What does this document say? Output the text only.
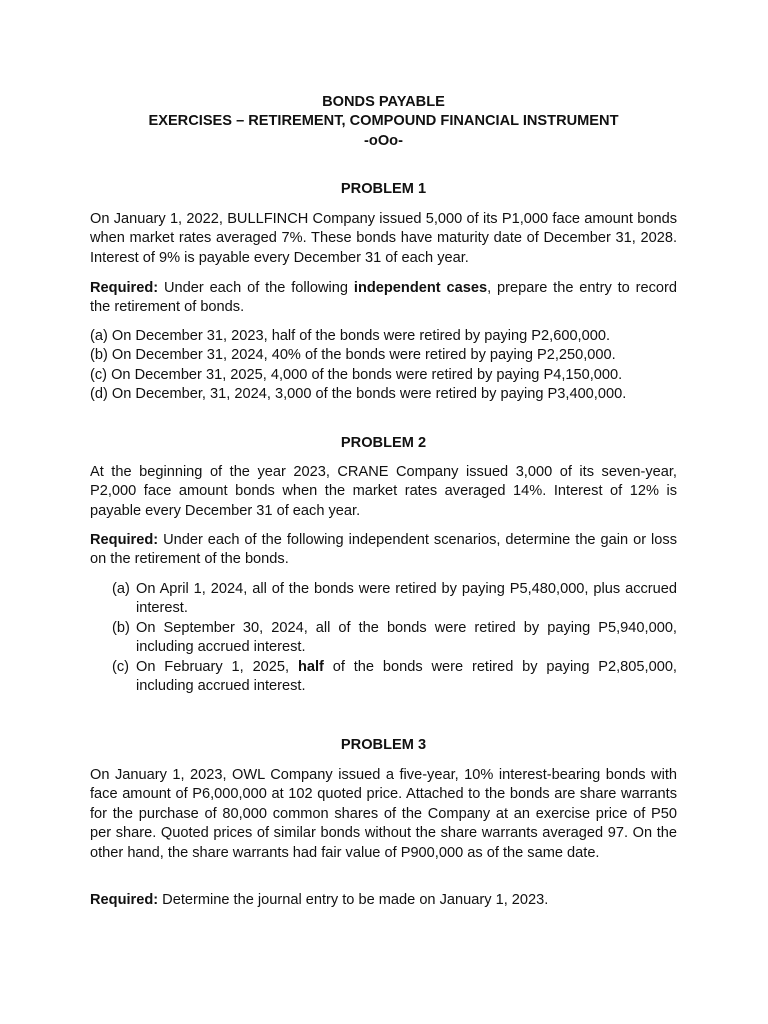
BONDS PAYABLE
EXERCISES – RETIREMENT, COMPOUND FINANCIAL INSTRUMENT
-oOo-
PROBLEM 1

On January 1, 2022, BULLFINCH Company issued 5,000 of its P1,000 face amount bonds when market rates averaged 7%. These bonds have maturity date of December 31, 2028. Interest of 9% is payable every December 31 of each year.

Required: Under each of the following independent cases, prepare the entry to record the retirement of bonds.

(a) On December 31, 2023, half of the bonds were retired by paying P2,600,000.
(b) On December 31, 2024, 40% of the bonds were retired by paying P2,250,000.
(c) On December 31, 2025, 4,000 of the bonds were retired by paying P4,150,000.
(d) On December, 31, 2024, 3,000 of the bonds were retired by paying P3,400,000.
PROBLEM 2

At the beginning of the year 2023, CRANE Company issued 3,000 of its seven-year, P2,000 face amount bonds when the market rates averaged 14%. Interest of 12% is payable every December 31 of each year.

Required: Under each of the following independent scenarios, determine the gain or loss on the retirement of the bonds.

(a) On April 1, 2024, all of the bonds were retired by paying P5,480,000, plus accrued interest.
(b) On September 30, 2024, all of the bonds were retired by paying P5,940,000, including accrued interest.
(c) On February 1, 2025, half of the bonds were retired by paying P2,805,000, including accrued interest.
PROBLEM 3

On January 1, 2023, OWL Company issued a five-year, 10% interest-bearing bonds with face amount of P6,000,000 at 102 quoted price. Attached to the bonds are share warrants for the purchase of 80,000 common shares of the Company at an exercise price of P50 per share. Quoted prices of similar bonds without the share warrants averaged 97. On the other hand, the share warrants had fair value of P900,000 as of the same date.

Required: Determine the journal entry to be made on January 1, 2023.
